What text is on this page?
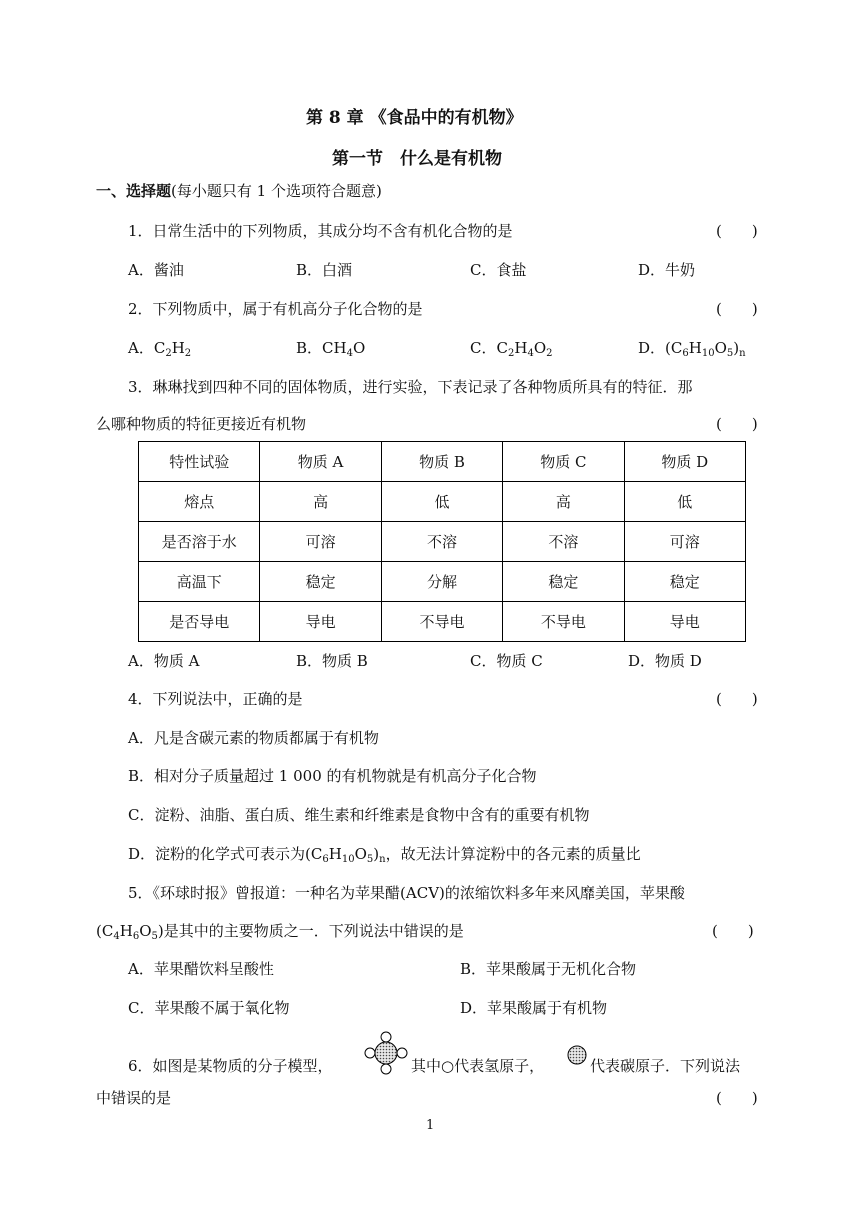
第 8 章 《食品中的有机物》
第一节　什么是有机物
一、选择题(每小题只有 1 个选项符合题意)
1．日常生活中的下列物质，其成分均不含有机化合物的是	(　　)
A．酱油	B．白酒	C．食盐	D．牛奶
2．下列物质中，属于有机高分子化合物的是	(　　)
A．$C_2H_2$	B．$CH_4O$	C．$C_2H_4O_2$	D．$(C_6H_{10}O_5)_n$
3．琳琳找到四种不同的固体物质，进行实验，下表记录了各种物质所具有的特征．那
么哪种物质的特征更接近有机物	(　　)
特性试验	物质 A	物质 B	物质 C	物质 D
熔点	高	低	高	低
是否溶于水	可溶	不溶	不溶	可溶
高温下	稳定	分解	稳定	稳定
是否导电	导电	不导电	不导电	导电
A．物质 A	B．物质 B	C．物质 C	D．物质 D
4．下列说法中，正确的是	(　　)
A．凡是含碳元素的物质都属于有机物
B．相对分子质量超过 1 000 的有机物就是有机高分子化合物
C．淀粉、油脂、蛋白质、维生素和纤维素是食物中含有的重要有机物
D．淀粉的化学式可表示为$(C_6H_{10}O_5)_n$，故无法计算淀粉中的各元素的质量比
5．《环球时报》曾报道：一种名为苹果醋(ACV)的浓缩饮料多年来风靡美国，苹果酸
$(C_4H_6O_5)$是其中的主要物质之一．下列说法中错误的是	(　　)
A．苹果醋饮料呈酸性	B．苹果酸属于无机化合物
C．苹果酸不属于氧化物	D．苹果酸属于有机物
6．如图是某物质的分子模型，	其中○代表氢原子，	代表碳原子．下列说法
中错误的是	(　　)
1
